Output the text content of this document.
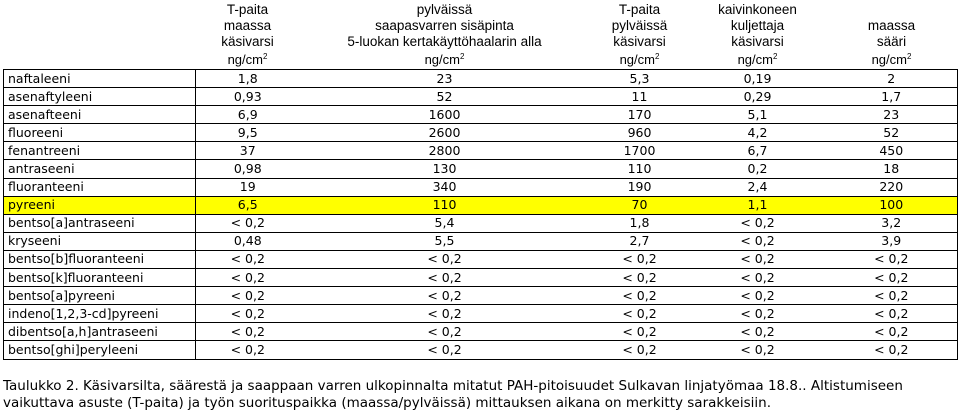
	T-paita
maassa
käsivarsi	pylväissä
saapasvarren sisäpinta
5-luokan kertakäyttöhaalarin alla	T-paita
pylväissä
käsivarsi	kaivinkoneen
kuljettaja
käsivarsi	maassa
sääri
	$ng/cm^2$	$ng/cm^2$	$ng/cm^2$	$ng/cm^2$	$ng/cm^2$
naftaleeni	1,8	23	5,3	0,19	2
asenaftyleeni	0,93	52	11	0,29	1,7
asenafteeni	6,9	1600	170	5,1	23
fluoreeni	9,5	2600	960	4,2	52
fenantreeni	37	2800	1700	6,7	450
antraseeni	0,98	130	110	0,2	18
fluoranteeni	19	340	190	2,4	220
pyreeni	6,5	110	70	1,1	100
bentso[a]antraseeni	< 0,2	5,4	1,8	< 0,2	3,2
kryseeni	0,48	5,5	2,7	< 0,2	3,9
bentso[b]fluoranteeni	< 0,2	< 0,2	< 0,2	< 0,2	< 0,2
bentso[k]fluoranteeni	< 0,2	< 0,2	< 0,2	< 0,2	< 0,2
bentso[a]pyreeni	< 0,2	< 0,2	< 0,2	< 0,2	< 0,2
indeno[1,2,3-cd]pyreeni	< 0,2	< 0,2	< 0,2	< 0,2	< 0,2
dibentso[a,h]antraseeni	< 0,2	< 0,2	< 0,2	< 0,2	< 0,2
bentso[ghi]peryleeni	< 0,2	< 0,2	< 0,2	< 0,2	< 0,2
Taulukko 2. Käsivarsilta, säärestä ja saappaan varren ulkopinnalta mitatut PAH-pitoisuudet Sulkavan linjatyömaa 18.8.. Altistumiseen vaikuttava asuste (T-paita) ja työn suorituspaikka (maassa/pylväissä) mittauksen aikana on merkitty sarakkeisiin.
